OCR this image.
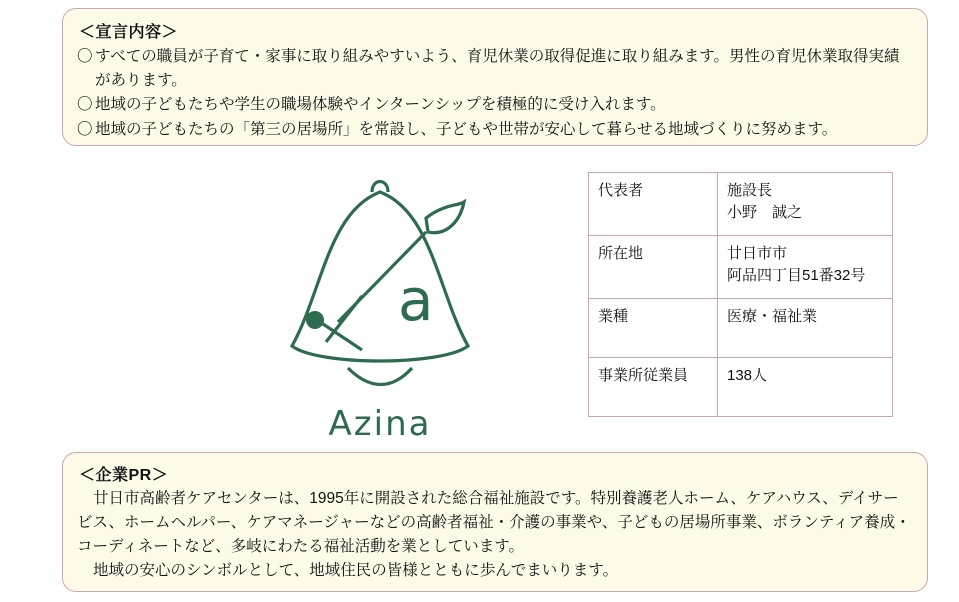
＜宣言内容＞
〇 すべての職員が子育て・家事に取り組みやすいよう、育児休業の取得促進に取り組みます。男性の育児休業取得実績があります。
〇 地域の子どもたちや学生の職場体験やインターンシップを積極的に受け入れます。
〇 地域の子どもたちの「第三の居場所」を常設し、子どもや世帯が安心して暮らせる地域づくりに努めます。
a
Azina
代表者	施設長
小野　誠之

所在地	廿日市市
阿品四丁目51番32号

業種	医療・福祉業

事業所従業員	138人
＜企業PR＞

廿日市高齢者ケアセンターは、1995年に開設された総合福祉施設です。特別養護老人ホーム、ケアハウス、デイサービス、ホームヘルパー、ケアマネージャーなどの高齢者福祉・介護の事業や、子どもの居場所事業、ボランティア養成・コーディネートなど、多岐にわたる福祉活動を業としています。

地域の安心のシンボルとして、地域住民の皆様とともに歩んでまいります。
